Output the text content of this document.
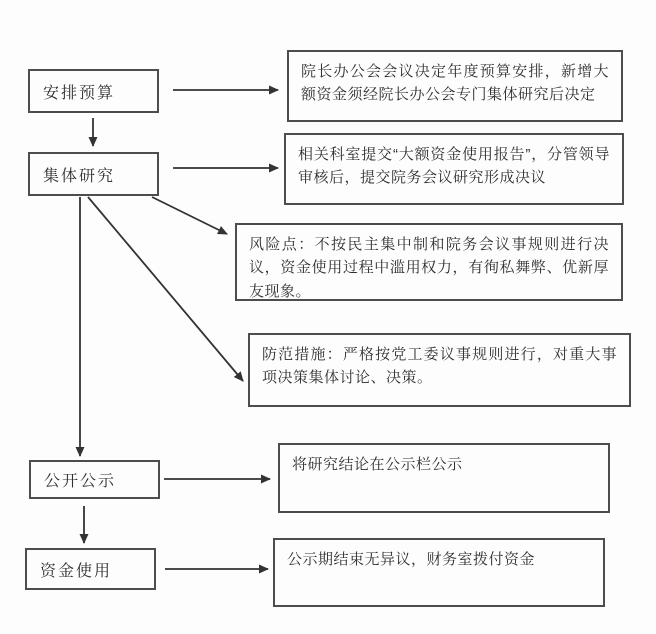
安排预算
集体研究
公开公示
资金使用
院长办公会会议决定年度预算安排，新增大额资金须经院长办公会专门集体研究后决定
相关科室提交“大额资金使用报告”，分管领导审核后，提交院务会议研究形成决议
风险点：不按民主集中制和院务会议事规则进行决议，资金使用过程中滥用权力，有徇私舞弊、优新厚友现象。
防范措施：严格按党工委议事规则进行，对重大事项决策集体讨论、决策。
将研究结论在公示栏公示
公示期结束无异议，财务室拨付资金
